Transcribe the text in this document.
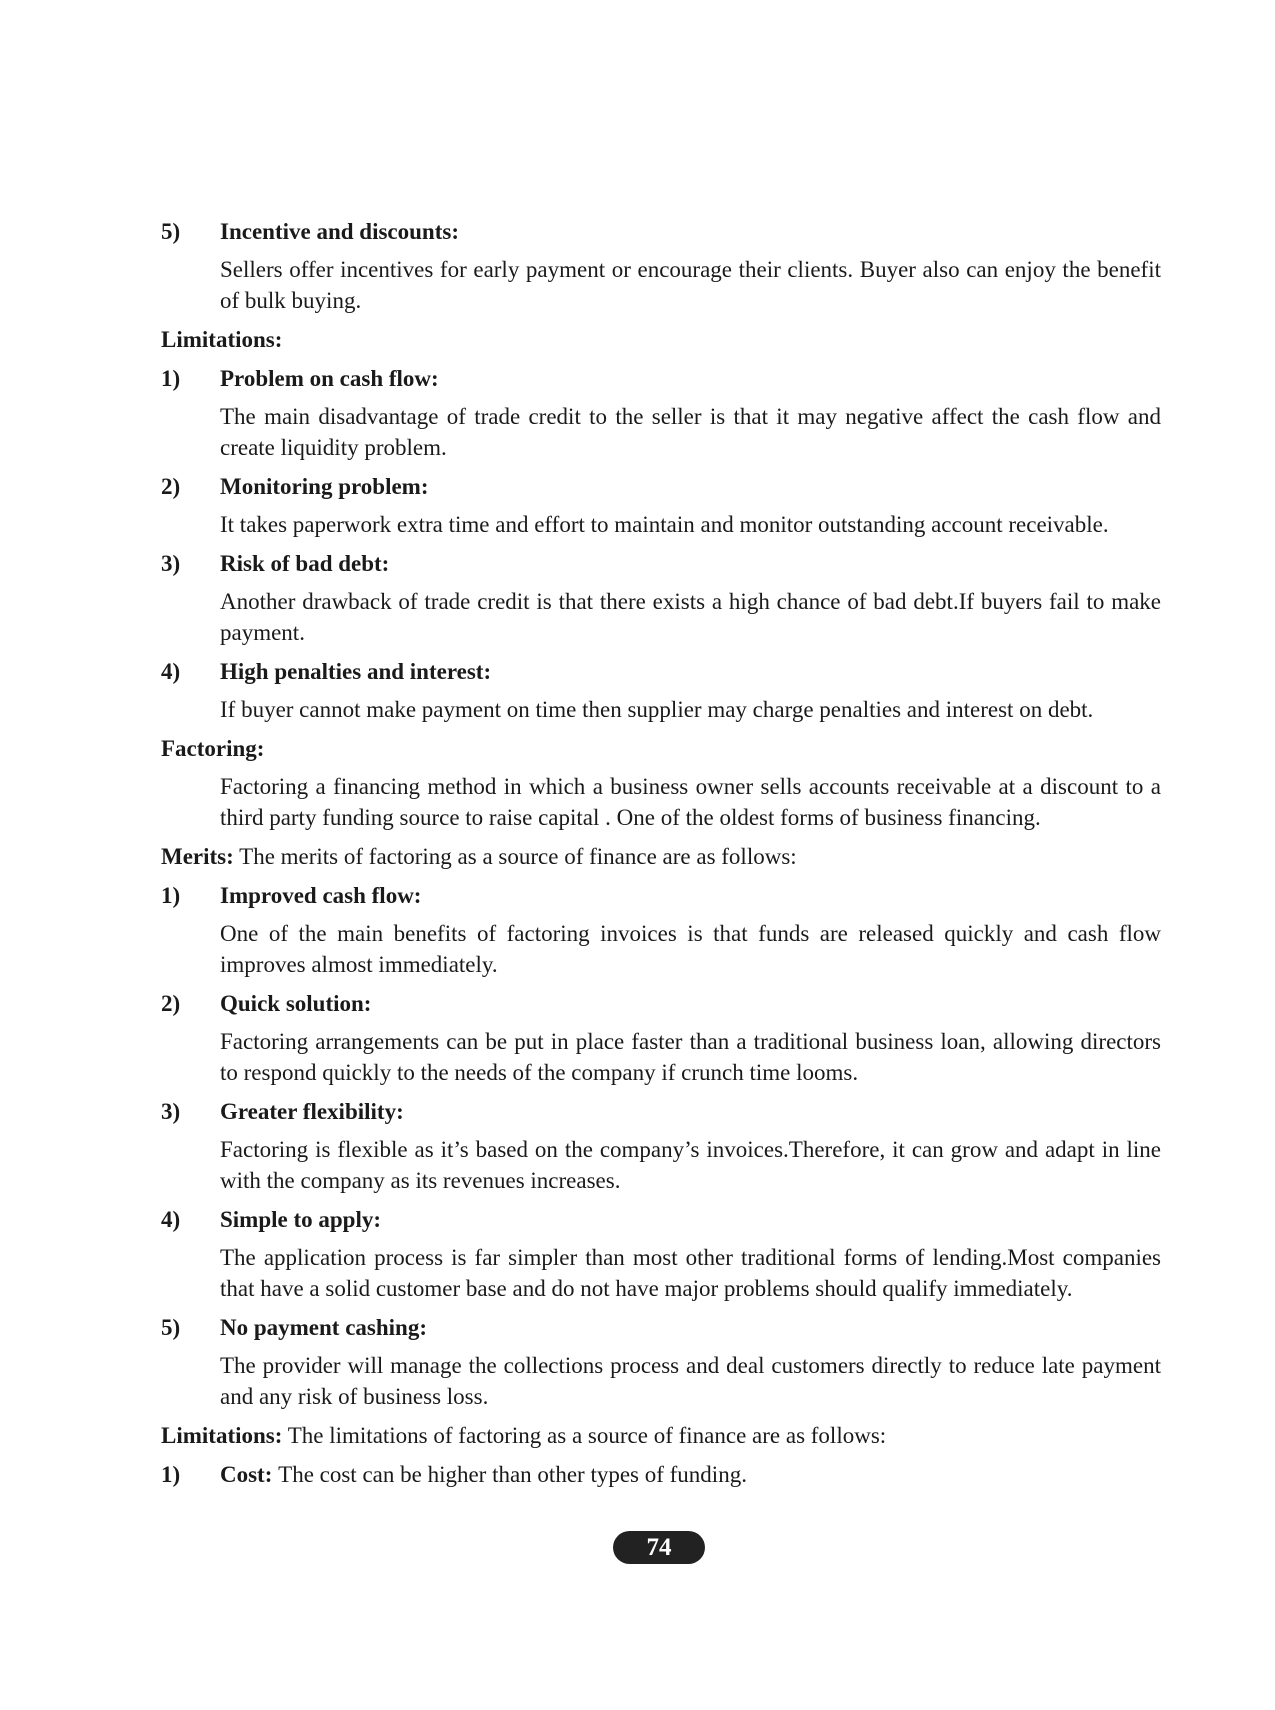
5)	Incentive and discounts:
Sellers offer incentives for early payment or encourage their clients. Buyer also can enjoy the benefit of bulk buying.
Limitations:
1)	Problem on cash flow:
The main disadvantage of trade credit to the seller is that it may negative affect the cash flow and create liquidity problem.
2)	Monitoring problem:
It takes paperwork extra time and effort to maintain and monitor outstanding account receivable.
3)	Risk of bad debt:
Another drawback of trade credit is that there exists a high chance of bad debt.If buyers fail to make payment.
4)	High penalties and interest:
If buyer cannot make payment on time then supplier may charge penalties and interest on debt.
Factoring:
Factoring a financing method in which a business owner sells accounts receivable at a discount to a third party funding source to raise capital . One of the oldest forms of business financing.
Merits: The merits of factoring as a source of finance are as follows:
1)	Improved cash flow:
One of the main benefits of factoring invoices is that funds are released quickly and cash flow improves almost immediately.
2)	Quick solution:
Factoring arrangements can be put in place faster than a traditional business loan, allowing directors to respond quickly to the needs of the company if crunch time looms.
3)	Greater flexibility:
Factoring is flexible as it’s based on the company’s invoices.Therefore, it can grow and adapt in line with the company as its revenues increases.
4)	Simple to apply:
The application process is far simpler than most other traditional forms of lending.Most companies that have a solid customer base and do not have major problems should qualify immediately.
5)	No payment cashing:
The provider will manage the collections process and deal customers directly to reduce late payment and any risk of business loss.
Limitations: The limitations of factoring as a source of finance are as follows:
1)	Cost: The cost can be higher than other types of funding.
74
